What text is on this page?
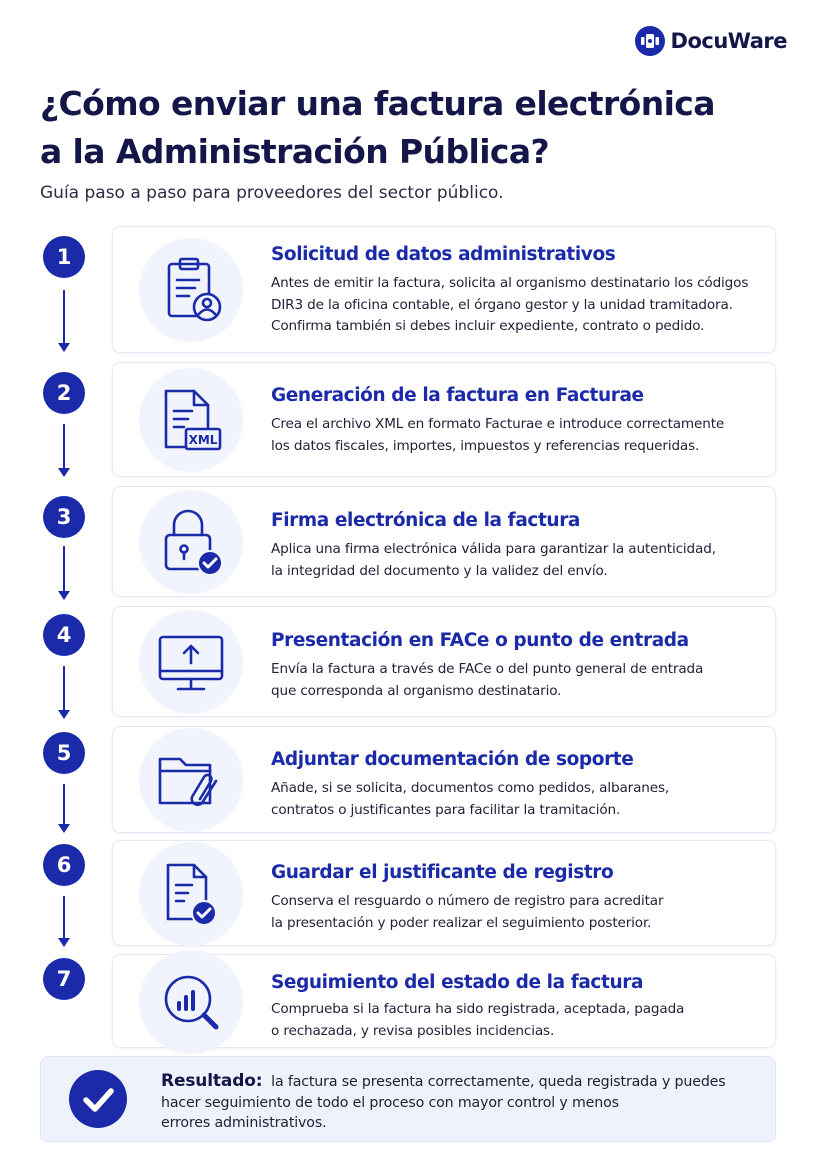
DocuWare
¿Cómo enviar una factura electrónica
a la Administración Pública?

Guía paso a paso para proveedores del sector público.

1	Solicitud de datos administrativos
Antes de emitir la factura, solicita al organismo destinatario los códigos
DIR3 de la oficina contable, el órgano gestor y la unidad tramitadora.
Confirma también si debes incluir expediente, contrato o pedido.
2
XML
Generación de la factura en Facturae
Crea el archivo XML en formato Facturae e introduce correctamente
los datos fiscales, importes, impuestos y referencias requeridas.
3	Firma electrónica de la factura
Aplica una firma electrónica válida para garantizar la autenticidad,
la integridad del documento y la validez del envío.
4	Presentación en FACe o punto de entrada
Envía la factura a través de FACe o del punto general de entrada
que corresponda al organismo destinatario.
5	Adjuntar documentación de soporte
Añade, si se solicita, documentos como pedidos, albaranes,
contratos o justificantes para facilitar la tramitación.
6	Guardar el justificante de registro
Conserva el resguardo o número de registro para acreditar
la presentación y poder realizar el seguimiento posterior.
7	Seguimiento del estado de la factura
Comprueba si la factura ha sido registrada, aceptada, pagada
o rechazada, y revisa posibles incidencias.
Resultado: la factura se presenta correctamente, queda registrada y puedes
hacer seguimiento de todo el proceso con mayor control y menos
errores administrativos.
